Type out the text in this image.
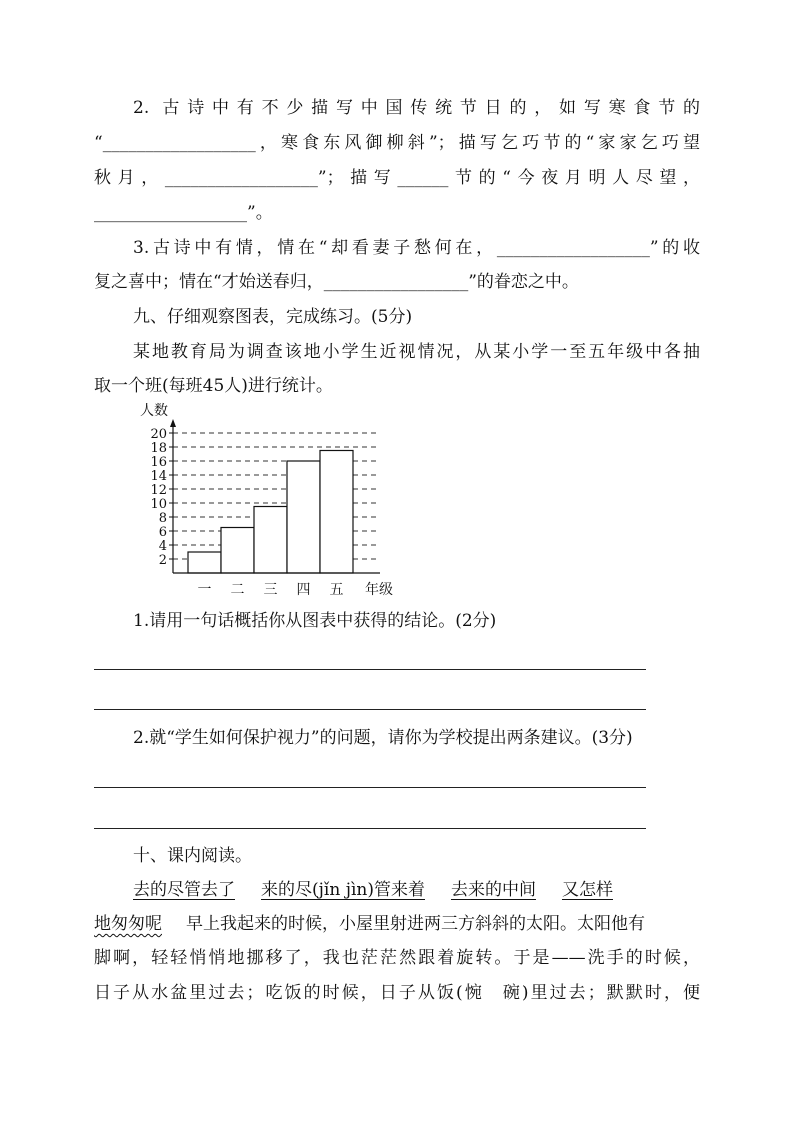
2. 古诗中有不少描写中国传统节日的，如写寒食节的
“__________________，寒食东风御柳斜”；描写乞巧节的“家家乞巧望
秋月，__________________”；描写______节的“今夜月明人尽望，
__________________”。
3.古诗中有情，情在“却看妻子愁何在，__________________”的收
复之喜中；情在“才始送春归，_________________”的眷恋之中。
九、仔细观察图表，完成练习。(5分)
某地教育局为调查该地小学生近视情况，从某小学一至五年级中各抽
取一个班(每班45人)进行统计。
人数
2
4
6
8
10
12
14
16
18
20
一 二 三 四 五 年级
1.请用一句话概括你从图表中获得的结论。(2分)
2.就“学生如何保护视力”的问题，请你为学校提出两条建议。(3分)
十、课内阅读。
去的尽管去了 来的尽(jǐn jìn)管来着 去来的中间 又怎样
地匆匆呢 早上我起来的时候，小屋里射进两三方斜斜的太阳。太阳他有
脚啊，轻轻悄悄地挪移了，我也茫茫然跟着旋转。于是——洗手的时候，
日子从水盆里过去；吃饭的时候，日子从饭(惋　碗)里过去；默默时，便
